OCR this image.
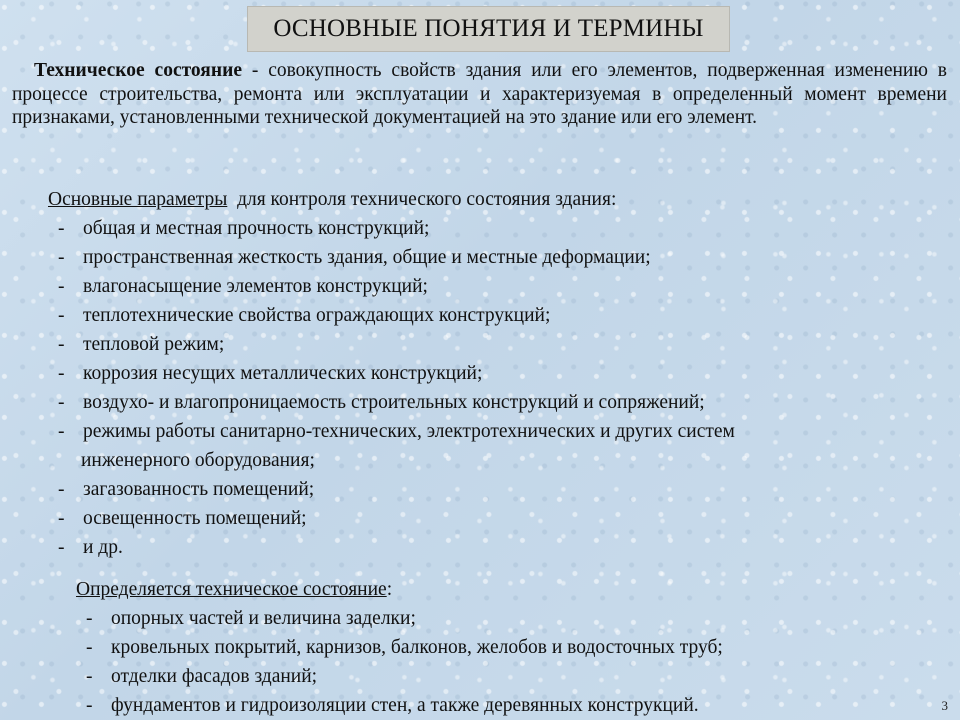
ОСНОВНЫЕ ПОНЯТИЯ И ТЕРМИНЫ
Техническое состояние - совокупность свойств здания или его элементов, подверженная изменению в процессе строительства, ремонта или эксплуатации и характеризуемая в определенный момент времени признаками, установленными технической документацией на это здание или его элемент.
Основные параметры  для контроля технического состояния здания:
- общая и местная прочность конструкций;
- пространственная жесткость здания, общие и местные деформации;
- влагонасыщение элементов конструкций;
- теплотехнические свойства ограждающих конструкций;
- тепловой режим;
- коррозия несущих металлических конструкций;
- воздухо- и влагопроницаемость строительных конструкций и сопряжений;
- режимы работы санитарно-технических, электротехнических и других систем
инженерного оборудования;
- загазованность помещений;
- освещенность помещений;
- и др.
Определяется техническое состояние:
- опорных частей и величина заделки;
- кровельных покрытий, карнизов, балконов, желобов и водосточных труб;
- отделки фасадов зданий;
- фундаментов и гидроизоляции стен, а также деревянных конструкций.	3
